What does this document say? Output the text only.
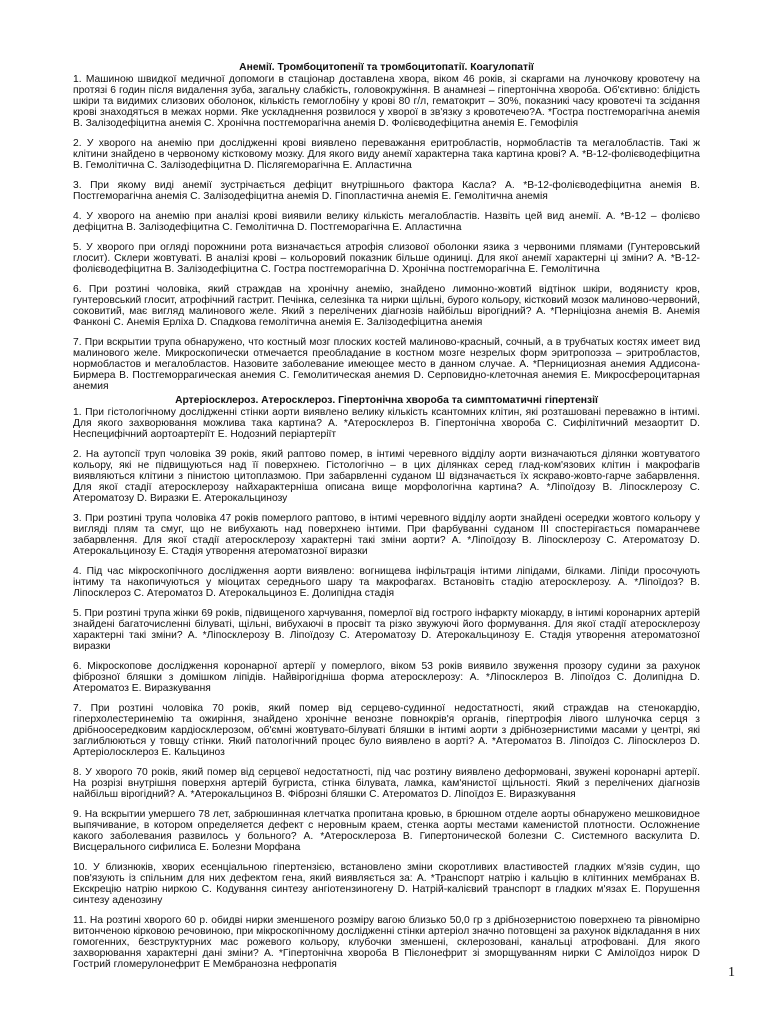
Анемії. Тромбоцитопенії та тромбоцитопатії. Коагулопатії

1. Машиною швидкої медичної допомоги в стаціонар доставлена хвора, віком 46 років, зі скаргами на луночкову кровотечу на протязі 6 годин після видалення зуба, загальну слабкість, головокружіння. В анамнезі – гіпертонічна хвороба. Об'єктивно: блідість шкіри та видимих слизових оболонок, кількість гемоглобіну у крові 80 г/л, гематокрит – 30%, показникі часу кровотечі та зсідання крові знаходяться в межах норми. Яке ускладнення розвилося у хворої в зв'язку з кровотечею?А. *Гостра постгеморагічна анемія В. Залізодефіцитна анемія С. Хронічна постгеморагічна анемія D. Фолієводефіцитна анемія Е. Гемофілія

2. У хворого на анемію при дослідженні крові виявлено переважання еритробластів, нормобластів та мегалобластів. Такі ж клітини знайдено в червоному кістковому мозку. Для якого виду анемії характерна така картина крові? А. *В-12-фолієводефіцитна В. Гемолітична С. Залізодефіцитна D. Післягеморагічна Е. Апластична

3. При якому виді анемії зустрічається дефіцит внутрішнього фактора Касла? А. *В-12-фолієводефіцитна анемія В. Постгеморагічна анемія С. Залізодефіцитна анемія D. Гіпопластична анемія Е. Гемолітична анемія

4. У хворого на анемію при аналізі крові виявили велику кількість мегалобластів. Назвіть цей вид анемії. А. *В-12 – фолієво дефіцитна В. Залізодефіцитна С. Гемолітична D. Постгеморагічна Е. Апластична

5. У хворого при огляді порожнини рота визначається атрофія слизової оболонки язика з червоними плямами (Гунтеровський глосит). Склери жовтуваті. В аналізі крові – кольоровий показник більше одиниці. Для якої анемії характерні ці зміни? А. *В-12-фолієводефіцитна В. Залізодефіцитна С. Гостра постгеморагічна D. Хронічна постгеморагічна Е. Гемолітична

6. При розтині чоловіка, який страждав на хронічну анемію, знайдено лимонно-жовтий відтінок шкіри, водянисту кров, гунтеровський глосит, атрофічний гастрит. Печінка, селезінка та нирки щільні, бурого кольору, кістковий мозок малиново-червоний, соковитий, має вигляд малинового желе. Який з перелічених діагнозів найбільш вірогідний? А. *Перніціозна анемія В. Анемія Фанконі С. Анемія Ерліха D. Спадкова гемолітична анемія Е. Залізодефіцитна анемія

7. При вскрытии трупа обнаружено, что костный мозг плоских костей малиново-красный, сочный, а в трубчатых костях имеет вид малинового желе. Микроскопически отмечается преобладание в костном мозге незрелых форм эритропоэза – эритробластов, нормобластов и мегалобластов. Назовите заболевание имеющее место в данном случае. А. *Пернициозная анемия Аддисона-Бирмера В. Постгеморрагическая анемия С. Гемолитическая анемия D. Серповидно-клеточная анемия Е. Микросфероцитарная анемия

Артеріосклероз. Атеросклероз. Гіпертонічна хвороба та симптоматичні гіпертензії

1. При гістологічному дослідженні стінки аорти виявлено велику кількість ксантомних клітин, які розташовані переважно в інтимі. Для якого захворювання можлива така картина? А. *Атеросклероз В. Гіпертонічна хвороба С. Сифілітичний мезаортит D. Неспецифічний аортоартеріїт Е. Нодозний періартеріїт

2. На аутопсії труп чоловіка 39 років, який раптово помер, в інтимі черевного відділу аорти визначаються ділянки жовтуватого кольору, які не підвищуються над її поверхнею. Гістологічно – в цих ділянках серед глад-ком'язових клітин і макрофагів виявляються клітини з пінистою цитоплазмою. При забарвленні суданом Ш відзначається їх яскраво-жовто-гарче забарвлення. Для якої стадії атеросклерозу найхарактерніша описана вище морфологічна картина? А. *Ліпоїдозу В. Ліпосклерозу С. Атероматозу D. Виразки Е. Атерокальцинозу

3. При розтині трупа чоловіка 47 років померлого раптово, в інтимі черевного відділу аорти знайдені осередки жовтого кольору у вигляді плям та смуг, що не вибухають над поверхнею інтими. При фарбуванні суданом ІІІ спостерігається помаранчеве забарвлення. Для якої стадії атеросклерозу характерні такі зміни аорти? А. *Ліпоїдозу В. Ліпосклерозу С. Атероматозу D. Атерокальцинозу Е. Стадія утворення атероматозної виразки

4. Під час мікроскопічного дослідження аорти виявлено: вогнищева інфільтрація інтими ліпідами, білками. Ліпіди просочують інтиму та накопичуються у міоцитах середнього шару та макрофагах. Встановіть стадію атеросклерозу. А. *Ліпоїдоз? В. Ліпосклероз С. Атероматоз D. Атерокальциноз Е. Долипідна стадія

5. При розтині трупа жінки 69 років, підвищеного харчування, померлої від гострого інфаркту міокарду, в інтимі коронарних артерій знайдені багаточисленні білуваті, щільні, вибухаючі в просвіт та різко звужуючі його формування. Для якої стадії атеросклерозу характерні такі зміни? А. *Ліпосклерозу В. Ліпоїдозу С. Атероматозу D. Атерокальцинозу Е. Стадія утворення атероматозної виразки

6. Мікроскопове дослідження коронарної артерії у померлого, віком 53 років виявило звуження прозору судини за рахунок фіброзної бляшки з домішком ліпідів. Найвірогідніша форма атеросклерозу: А. *Ліпосклероз В. Ліпоїдоз С. Долипідна D. Атероматоз Е. Виразкування

7. При розтині чоловіка 70 років, який помер від серцево-судинної недостатності, який страждав на стенокардію, гіперхолестеринемію та ожиріння, знайдено хронічне венозне повнокрів'я органів, гіпертрофія лівого шлуночка серця з дрібноосередковим кардіосклерозом, об'ємні жовтувато-білуваті бляшки в інтимі аорти з дрібнозернистими масами у центрі, які заглиблюються у товщу стінки. Який патологічний процес було виявлено в аорті? А. *Атероматоз В. Ліпоїдоз С. Ліпосклероз D. Артеріолосклероз Е. Кальциноз

8. У хворого 70 років, який помер від серцевої недостатності, під час розтину виявлено деформовані, звужені коронарні артерії. На розрізі внутрішня поверхня артерій бугриста, стінка білувата, ламка, кам'янистої щільності. Який з перелічених діагнозів найбільш вірогідний? А. *Атерокальциноз В. Фіброзні бляшки С. Атероматоз D. Ліпоїдоз Е. Виразкування

9. На вскрытии умершего 78 лет, забрюшинная клетчатка пропитана кровью, в брюшном отделе аорты обнаружено мешковидное выпячивание, в котором определяется дефект с неровным краем, стенка аорты местами каменистой плотности. Осложнение какого заболевания развилось у больного? А. *Атеросклероза В. Гипертонической болезни С. Системного васкулита D. Висцерального сифилиса Е. Болезни Морфана

10. У близнюків, хворих есенціальною гіпертензією, встановлено зміни скоротливих властивостей гладких м'язів судин, що пов'язують із спільним для них дефектом гена, який виявляється за: А. *Транспорт натрію і кальцію в клітинних мембранах В. Екскрецію натрію ниркою С. Кодування синтезу ангіотензиногену D. Натрій-калієвий транспорт в гладких м'язах Е. Порушення синтезу аденозину

11. На розтині хворого 60 р. обидві нирки зменшеного розміру вагою близько 50,0 гр з дрібнозернистою поверхнею та рівномірно витонченою кірковою речовиною, при мікроскопічному дослідженні стінки артеріол значно потовщені за рахунок відкладання в них гомогенних, безструктурних мас рожевого кольору, клубочки зменшені, склерозовані, канальці атрофовані. Для якого захворювання характерні дані зміни? А. *Гіпертонічна хвороба В Пієлонефрит зі зморщуванням нирки С Амілоїдоз нирок D Гострий гломерулонефрит Е Мембранозна нефропатія

1
